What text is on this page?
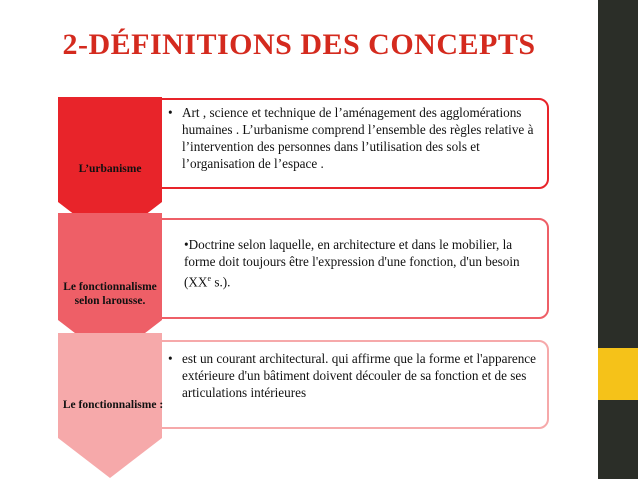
2-DÉFINITIONS DES CONCEPTS
• Art , science et technique de l’aménagement des agglomérations humaines . L’urbanisme comprend l’ensemble des règles relative à l’intervention des personnes dans l’utilisation des sols et l’organisation de l’espace .
•Doctrine selon laquelle, en architecture et dans le mobilier, la forme doit toujours être l'expression d'une fonction, d'un besoin (XXe s.).
• est un courant architectural. qui affirme que la forme et l'apparence extérieure d'un bâtiment doivent découler de sa fonction et de ses articulations intérieures
L’urbanisme
Le fonctionnalisme selon larousse.
Le fonctionnalisme :
